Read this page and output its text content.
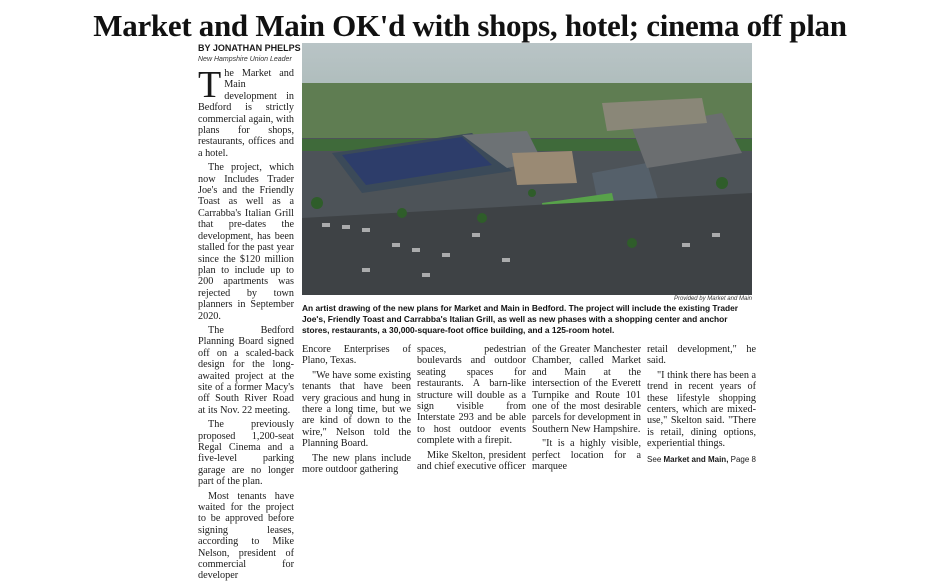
Market and Main OK'd with shops, hotel; cinema off plan
BY JONATHAN PHELPS
New Hampshire Union Leader

The Market and Main development in Bedford is strictly commercial again, with plans for shops, restaurants, offices and a hotel.

The project, which now Includes Trader Joe's and the Friendly Toast as well as a Carrabba's Italian Grill that pre-dates the development, has been stalled for the past year since the $120 million plan to include up to 200 apartments was rejected by town planners in September 2020.

The Bedford Planning Board signed off on a scaled-back design for the long-awaited project at the site of a former Macy's off South River Road at its Nov. 22 meeting.

The previously proposed 1,200-seat Regal Cinema and a five-level parking garage are no longer part of the plan.

Most tenants have waited for the project to be approved before signing leases, according to Mike Nelson, president of commercial for developer

Provided by Market and Main
An artist drawing of the new plans for Market and Main in Bedford. The project will include the existing Trader Joe's, Friendly Toast and Carrabba's Italian Grill, as well as new phases with a shopping center and anchor stores, restaurants, a 30,000-square-foot office building, and a 125-room hotel.

Encore Enterprises of Plano, Texas.

"We have some existing tenants that have been very gracious and hung in there a long time, but we are kind of down to the wire," Nelson told the Planning Board.

The new plans include more outdoor gathering

spaces, pedestrian boulevards and outdoor seating spaces for restaurants. A barn-like structure will double as a sign visible from Interstate 293 and be able to host outdoor events complete with a firepit.

Mike Skelton, president and chief executive officer

of the Greater Manchester Chamber, called Market and Main at the intersection of the Everett Turnpike and Route 101 one of the most desirable parcels for development in Southern New Hampshire.

"It is a highly visible, perfect location for a marquee

retail development," he said.

"I think there has been a trend in recent years of these lifestyle shopping centers, which are mixed-use," Skelton said. "There is retail, dining options, experiential things.

See Market and Main, Page 8
